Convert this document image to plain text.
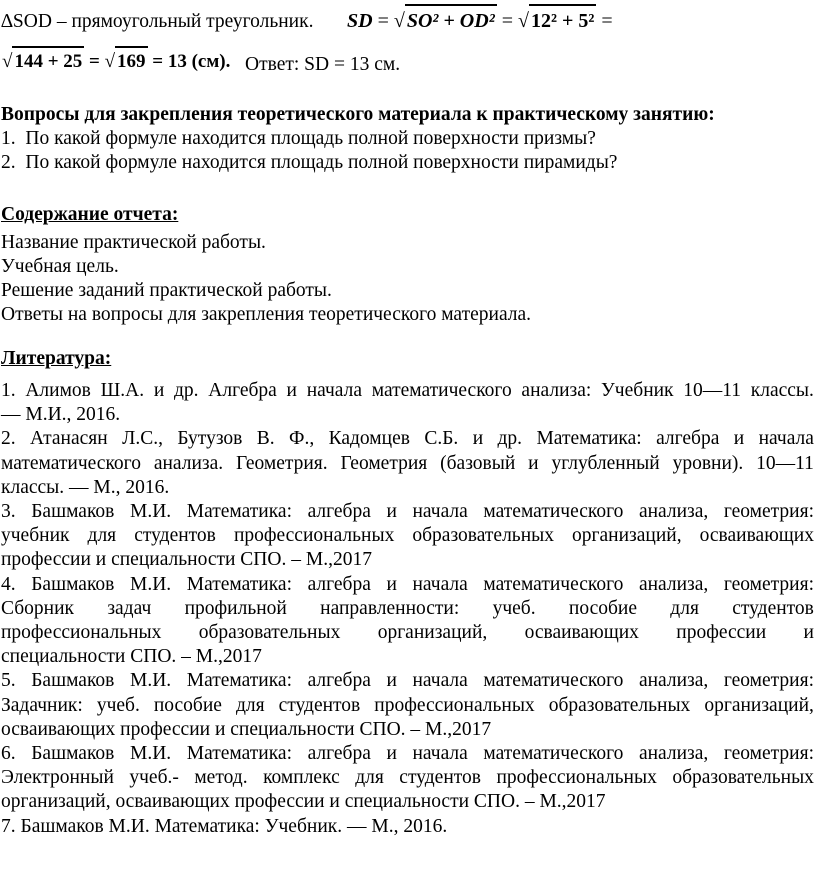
∆SOD – прямоугольный треугольник. SD = √ SO² + OD² = √ 12² + 5² =
√ 144 + 25 = √ 169 = 13 (см). Ответ: SD = 13 см.
Вопросы для закрепления теоретического материала к практическому занятию:
1. По какой формуле находится площадь полной поверхности призмы?
2. По какой формуле находится площадь полной поверхности пирамиды?
Содержание отчета:
Название практической работы.
Учебная цель.
Решение заданий практической работы.
Ответы на вопросы для закрепления теоретического материала.
Литература:
1. Алимов Ш.А. и др. Алгебра и начала математического анализа: Учебник 10—11 классы.
— М.И., 2016.
2. Атанасян Л.С., Бутузов В. Ф., Кадомцев С.Б. и др. Математика: алгебра и начала
математического анализа. Геометрия. Геометрия (базовый и углубленный уровни). 10—11
классы. — М., 2016.
3. Башмаков М.И. Математика: алгебра и начала математического анализа, геометрия:
учебник для студентов профессиональных образовательных организаций, осваивающих
профессии и специальности СПО. – М.,2017
4. Башмаков М.И. Математика: алгебра и начала математического анализа, геометрия:
Сборник задач профильной направленности: учеб. пособие для студентов
профессиональных образовательных организаций, осваивающих профессии и
специальности СПО. – М.,2017
5. Башмаков М.И. Математика: алгебра и начала математического анализа, геометрия:
Задачник: учеб. пособие для студентов профессиональных образовательных организаций,
осваивающих профессии и специальности СПО. – М.,2017
6. Башмаков М.И. Математика: алгебра и начала математического анализа, геометрия:
Электронный учеб.- метод. комплекс для студентов профессиональных образовательных
организаций, осваивающих профессии и специальности СПО. – М.,2017
7. Башмаков М.И. Математика: Учебник. — М., 2016.
